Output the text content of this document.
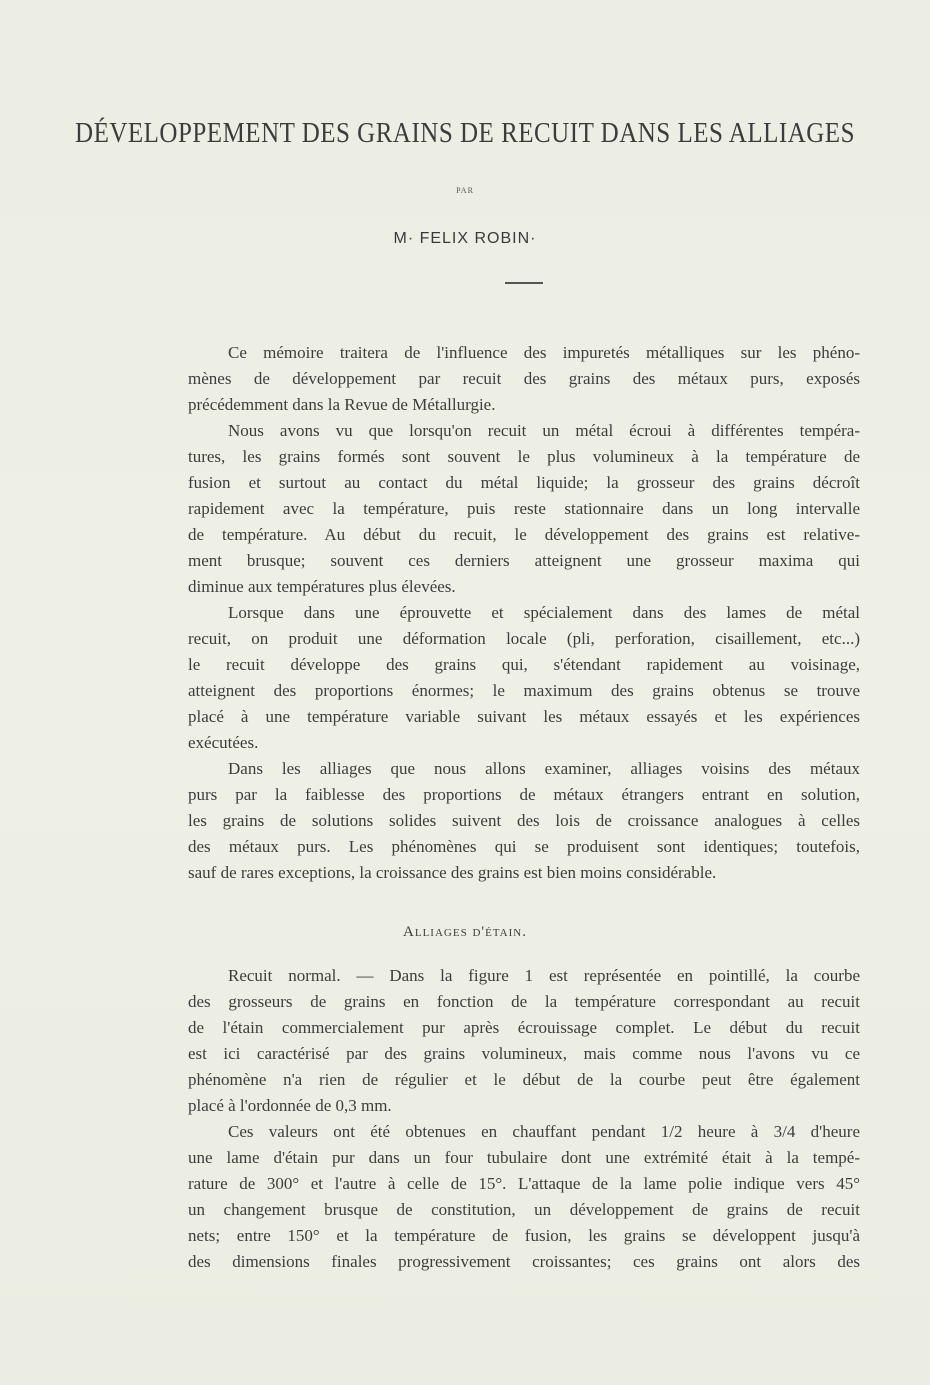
DÉVELOPPEMENT DES GRAINS DE RECUIT DANS LES ALLIAGES
PAR
M· FELIX ROBIN·
Ce mémoire traitera de l'influence des impuretés métalliques sur les phéno-
mènes de développement par recuit des grains des métaux purs, exposés
précédemment dans la Revue de Métallurgie.
Nous avons vu que lorsqu'on recuit un métal écroui à différentes tempéra-
tures, les grains formés sont souvent le plus volumineux à la température de
fusion et surtout au contact du métal liquide; la grosseur des grains décroît
rapidement avec la température, puis reste stationnaire dans un long intervalle
de température. Au début du recuit, le développement des grains est relative-
ment brusque; souvent ces derniers atteignent une grosseur maxima qui
diminue aux températures plus élevées.
Lorsque dans une éprouvette et spécialement dans des lames de métal
recuit, on produit une déformation locale (pli, perforation, cisaillement, etc...)
le recuit développe des grains qui, s'étendant rapidement au voisinage,
atteignent des proportions énormes; le maximum des grains obtenus se trouve
placé à une température variable suivant les métaux essayés et les expériences
exécutées.
Dans les alliages que nous allons examiner, alliages voisins des métaux
purs par la faiblesse des proportions de métaux étrangers entrant en solution,
les grains de solutions solides suivent des lois de croissance analogues à celles
des métaux purs. Les phénomènes qui se produisent sont identiques; toutefois,
sauf de rares exceptions, la croissance des grains est bien moins considérable.
Alliages d'étain.
Recuit normal. — Dans la figure 1 est représentée en pointillé, la courbe
des grosseurs de grains en fonction de la température correspondant au recuit
de l'étain commercialement pur après écrouissage complet. Le début du recuit
est ici caractérisé par des grains volumineux, mais comme nous l'avons vu ce
phénomène n'a rien de régulier et le début de la courbe peut être également
placé à l'ordonnée de 0,3 mm.
Ces valeurs ont été obtenues en chauffant pendant 1/2 heure à 3/4 d'heure
une lame d'étain pur dans un four tubulaire dont une extrémité était à la tempé-
rature de 300° et l'autre à celle de 15°. L'attaque de la lame polie indique vers 45°
un changement brusque de constitution, un développement de grains de recuit
nets; entre 150° et la température de fusion, les grains se développent jusqu'à
des dimensions finales progressivement croissantes; ces grains ont alors des
